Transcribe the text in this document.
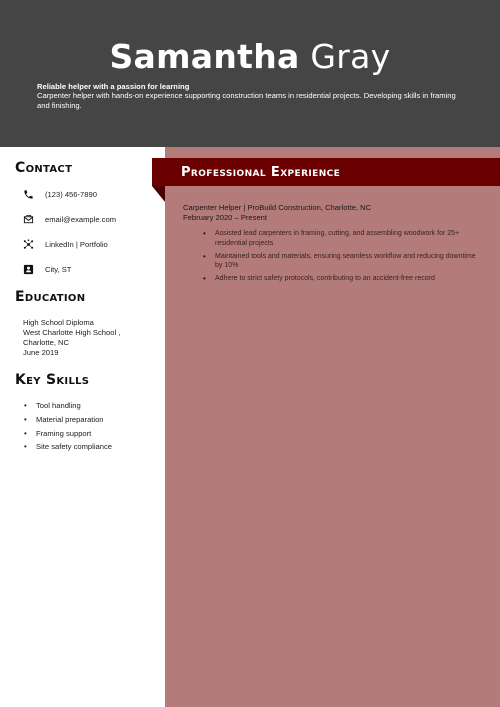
Samantha Gray
Reliable helper with a passion for learning
Carpenter helper with hands-on experience supporting construction teams in residential projects. Developing skills in framing and finishing.
Professional Experience
Carpenter Helper | ProBuild Construction, Charlotte, NC
February 2020 – Present
• Assisted lead carpenters in framing, cutting, and assembling woodwork for 25+ residential projects
• Maintained tools and materials, ensuring seamless workflow and reducing downtime by 10%
• Adhere to strict safety protocols, contributing to an accident-free record
Contact
(123) 456-7890
email@example.com
LinkedIn | Portfolio
City, ST
Education
High School Diploma
West Charlotte High School ,
Charlotte, NC
June 2019
Key Skills
• Tool handling
• Material preparation
• Framing support
• Site safety compliance
